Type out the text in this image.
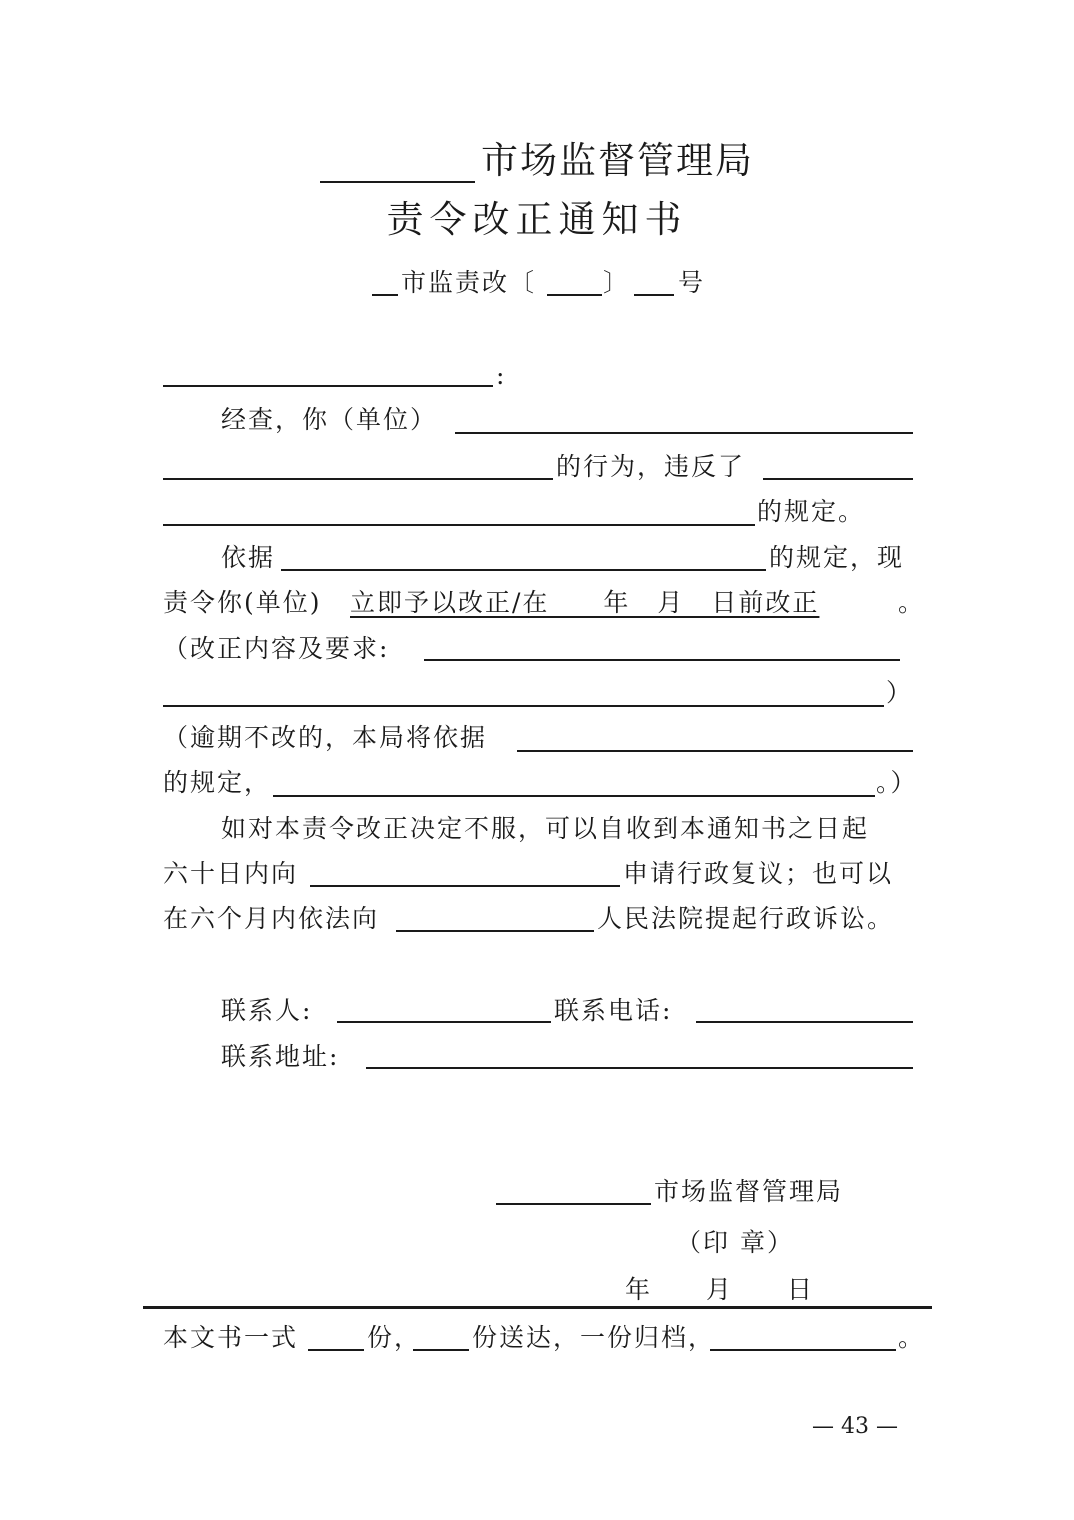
市场监督管理局
责令改正通知书
市监责改〔	〕 号
:
经查，你（单位）
的行为，违反了
的规定。
依据	的规定，现
责令你(单位) 立即予以改正/在　　年　月　日前改正	。
（改正内容及要求:
）
（逾期不改的，本局将依据
的规定，	。）
如对本责令改正决定不服，可以自收到本通知书之日起
六十日内向	申请行政复议；也可以
在六个月内依法向	人民法院提起行政诉讼。
联系人:	联系电话:
联系地址:
市场监督管理局
（印 章）
年　　月　　日
本文书一式	份， 份送达，一份归档，	。
— 43 —
